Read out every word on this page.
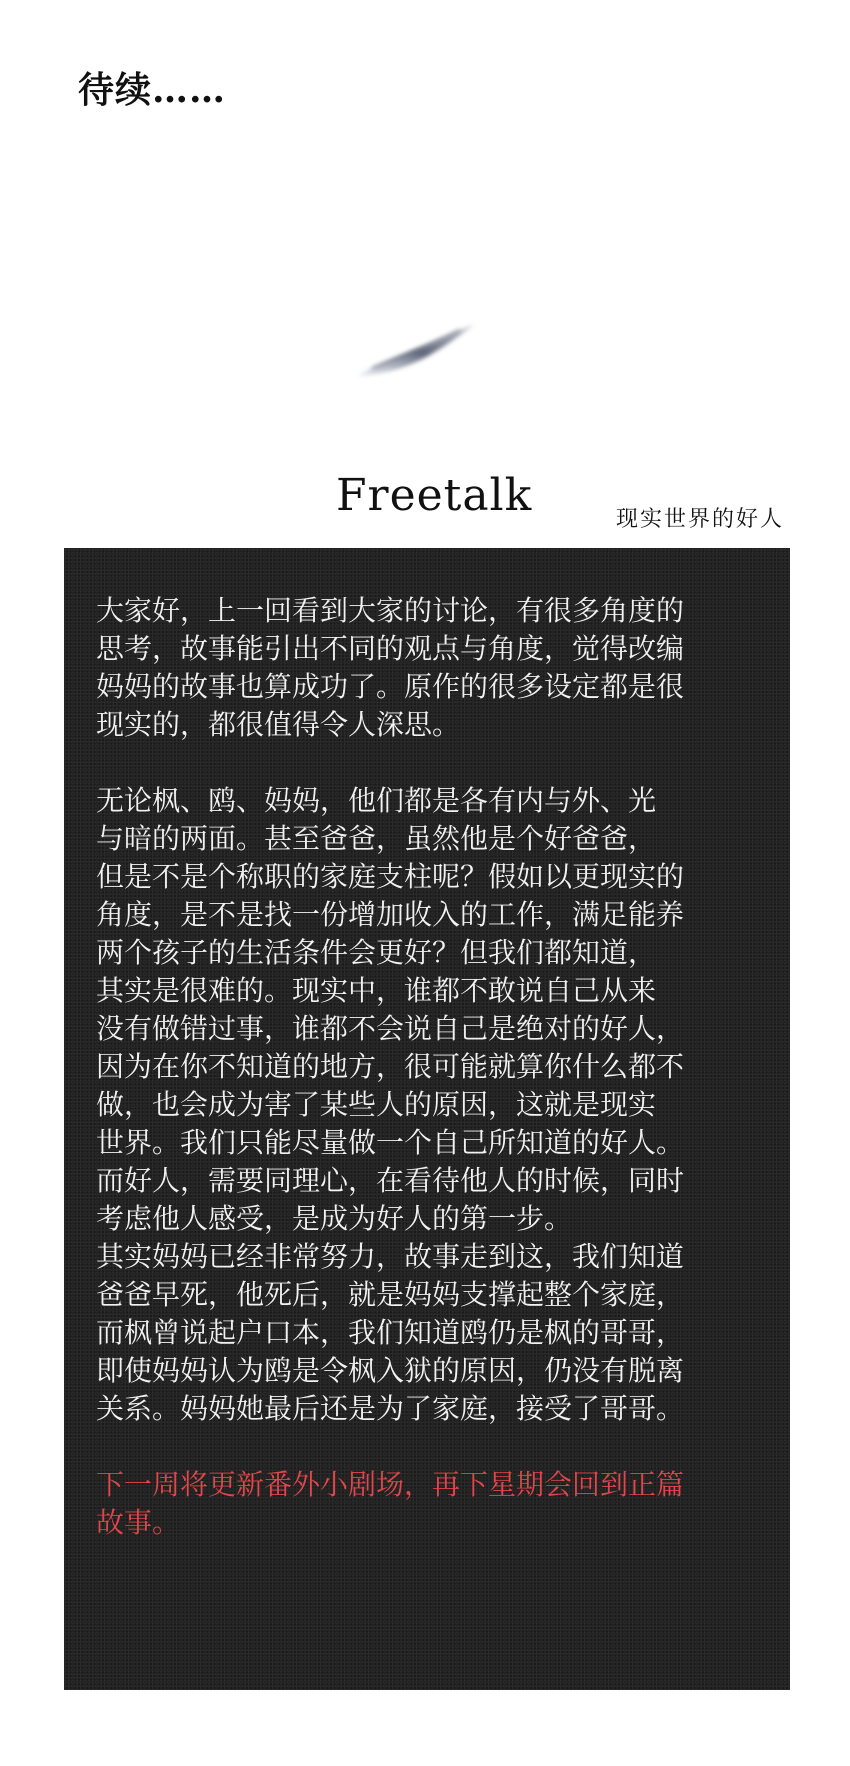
待续……
Freetalk	现实世界的好人
大家好，上一回看到大家的讨论，有很多角度的
思考，故事能引出不同的观点与角度，觉得改编
妈妈的故事也算成功了。原作的很多设定都是很
现实的，都很值得令人深思。
无论枫、鸥、妈妈，他们都是各有内与外、光
与暗的两面。甚至爸爸，虽然他是个好爸爸，
但是不是个称职的家庭支柱呢？假如以更现实的
角度，是不是找一份增加收入的工作，满足能养
两个孩子的生活条件会更好？但我们都知道，
其实是很难的。现实中，谁都不敢说自己从来
没有做错过事，谁都不会说自己是绝对的好人，
因为在你不知道的地方，很可能就算你什么都不
做，也会成为害了某些人的原因，这就是现实
世界。我们只能尽量做一个自己所知道的好人。
而好人，需要同理心，在看待他人的时候，同时
考虑他人感受，是成为好人的第一步。
其实妈妈已经非常努力，故事走到这，我们知道
爸爸早死，他死后，就是妈妈支撑起整个家庭，
而枫曾说起户口本，我们知道鸥仍是枫的哥哥，
即使妈妈认为鸥是令枫入狱的原因，仍没有脱离
关系。妈妈她最后还是为了家庭，接受了哥哥。
下一周将更新番外小剧场，再下星期会回到正篇
故事。
